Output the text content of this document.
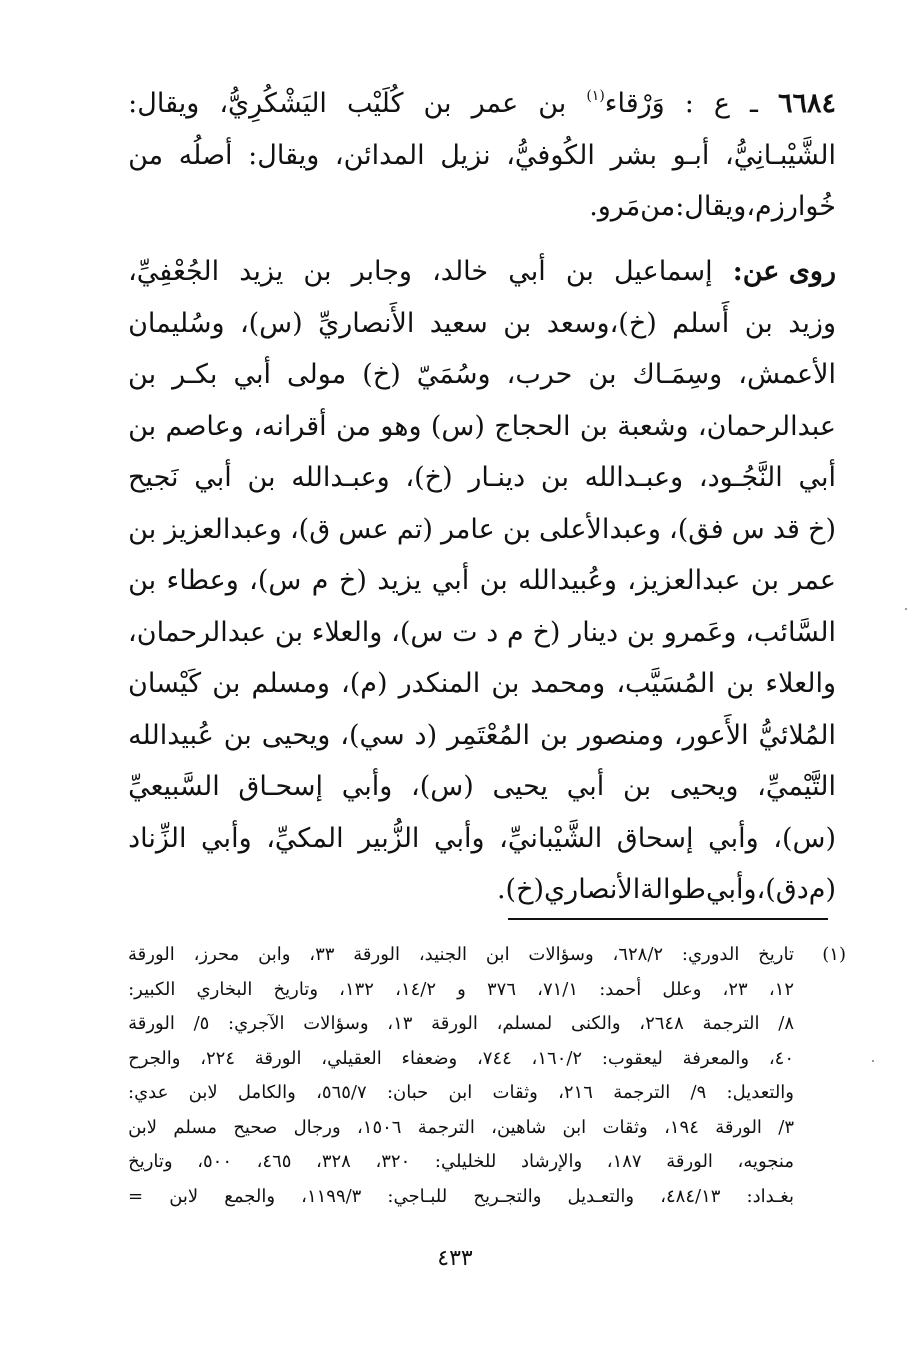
٦٦٨٤
ـ
ع
:
وَرْقاء(١)
بن
عمر
بن
كُلَيْب
اليَشْكُرِيُّ،
ويقال:
الشَّيْبـانِيُّ،
أبـو
بشر
الكُوفيُّ،
نزيل
المدائن،
ويقال:
أصلُه
من
خُوارزم،
ويقال:
من
مَرو.
روى عن:
إسماعيل
بن
أبي
خالد،
وجابر
بن
يزيد
الجُعْفِيِّ،
وزيد
بن
أَسلم
(خ)،وسعد
بن
سعيد
الأَنصاريِّ
(س)،
وسُليمان
الأعمش،
وسِمَـاك
بن
حرب،
وسُمَيّ
(خ)
مولى
أبي
بكـر
بن
عبدالرحمان،
وشعبة
بن
الحجاج
(س)
وهو
من
أقرانه،
وعاصم
بن
أبي
النَّجُـود،
وعبـدالله
بن
دينـار
(خ)،
وعبـدالله
بن
أبي
نَجيح
(خ
قد
س
فق)،
وعبدالأعلى
بن
عامر
(تم
عس
ق)،
وعبدالعزيز
بن
عمر
بن
عبدالعزيز،
وعُبيدالله
بن
أبي
يزيد
(خ
م
س)،
وعطاء
بن
السَّائب،
وعَمرو
بن
دينار
(خ
م
د
ت
س)،
والعلاء
بن
عبدالرحمان،
والعلاء
بن
المُسَيَّب،
ومحمد
بن
المنكدر
(م)،
ومسلم
بن
كَيْسان
المُلائيُّ
الأَعور،
ومنصور
بن
المُعْتَمِر
(د
سي)،
ويحيى
بن
عُبيدالله
التَّيْميِّ،
ويحيى
بن
أبي
يحيى
(س)،
وأبي
إسحـاق
السَّبيعيِّ
(س)،
وأبي
إسحاق
الشَّيْبانيِّ،
وأبي
الزُّبير
المكيِّ،
وأبي
الزِّناد
(م
د
ق)،
وأبي
طوالة
الأنصاري
(خ).
(١)
تاريخ
الدوري:
٦٢٨/٢،
وسؤالات
ابن
الجنيد،
الورقة
٣٣،
وابن
محرز،
الورقة
١٢،
٢٣،
وعلل
أحمد:
٧١/١،
٣٧٦
و
١٤/٢،
١٣٢،
وتاريخ
البخاري
الكبير:
٨/
الترجمة
٢٦٤٨،
والكنى
لمسلم،
الورقة
١٣،
وسؤالات
الآجري:
٥/
الورقة
٤٠،
والمعرفة
ليعقوب:
١٦٠/٢،
٧٤٤،
وضعفاء
العقيلي،
الورقة
٢٢٤،
والجرح
والتعديل:
٩/
الترجمة
٢١٦،
وثقات
ابن
حبان:
٥٦٥/٧،
والكامل
لابن
عدي:
٣/
الورقة
١٩٤،
وثقات
ابن
شاهين،
الترجمة
١٥٠٦،
ورجال
صحيح
مسلم
لابن
منجويه،
الورقة
١٨٧،
والإرشاد
للخليلي:
٣٢٠،
٣٢٨،
٤٦٥،
٥٠٠،
وتاريخ
بغـداد:
٤٨٤/١٣،
والتعـديل
والتجـريح
للبـاجي:
١١٩٩/٣،
والجمع
لابن
=
٤٣٣
